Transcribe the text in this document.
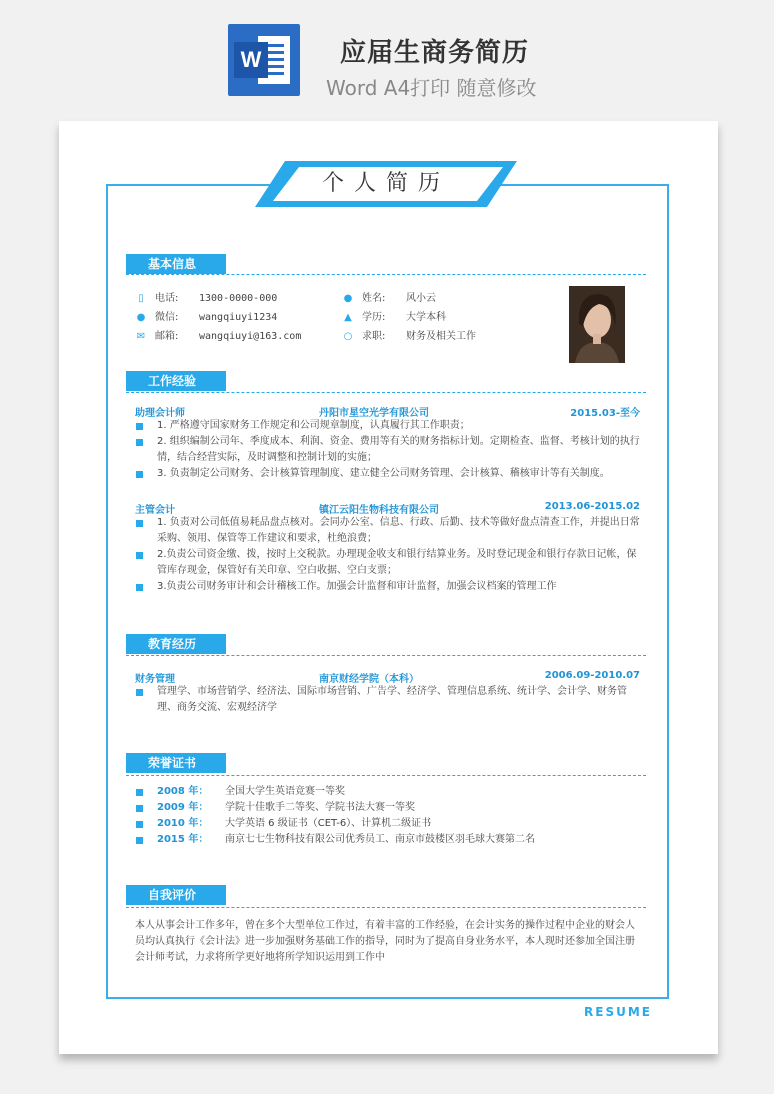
W	应届生商务简历
Word A4打印 随意修改
个人简历
基本信息
▯ 电话: 1300-0000-000
● 微信: wangqiuyi1234
✉ 邮箱: wangqiuyi@163.com
● 姓名: 风小云
▲ 学历: 大学本科
○ 求职: 财务及相关工作
工作经验
助理会计师	丹阳市星空光学有限公司	2015.03-至今
1. 严格遵守国家财务工作规定和公司规章制度，认真履行其工作职责；
2. 组织编制公司年、季度成本、利润、资金、费用等有关的财务指标计划。定期检查、监督、考核计划的执行情，结合经营实际，及时调整和控制计划的实施；
3. 负责制定公司财务、会计核算管理制度、建立健全公司财务管理、会计核算、稽核审计等有关制度。
主管会计	镇江云阳生物科技有限公司	2013.06-2015.02
1. 负责对公司低值易耗品盘点核对。会同办公室、信息、行政、后勤、技术等做好盘点清查工作，并提出日常采购、领用、保管等工作建议和要求，杜绝浪费；
2.负责公司资金缴、拨，按时上交税款。办理现金收支和银行结算业务。及时登记现金和银行存款日记帐，保管库存现金，保管好有关印章、空白收据、空白支票；
3.负责公司财务审计和会计稽核工作。加强会计监督和审计监督，加强会议档案的管理工作
教育经历
财务管理	南京财经学院（本科）	2006.09-2010.07
管理学、市场营销学、经济法、国际市场营销、广告学、经济学、管理信息系统、统计学、会计学、财务管理、商务交流、宏观经济学
荣誉证书
2008 年： 全国大学生英语竞赛一等奖
2009 年： 学院十佳歌手二等奖、学院书法大赛一等奖
2010 年： 大学英语 6 级证书（CET-6）、计算机二级证书
2015 年： 南京七七生物科技有限公司优秀员工、南京市鼓楼区羽毛球大赛第二名
自我评价
本人从事会计工作多年，曾在多个大型单位工作过，有着丰富的工作经验，在会计实务的操作过程中企业的财会人员均认真执行《会计法》进一步加强财务基础工作的指导，同时为了提高自身业务水平，本人现时还参加全国注册会计师考试，力求将所学更好地将所学知识运用到工作中
RESUME
